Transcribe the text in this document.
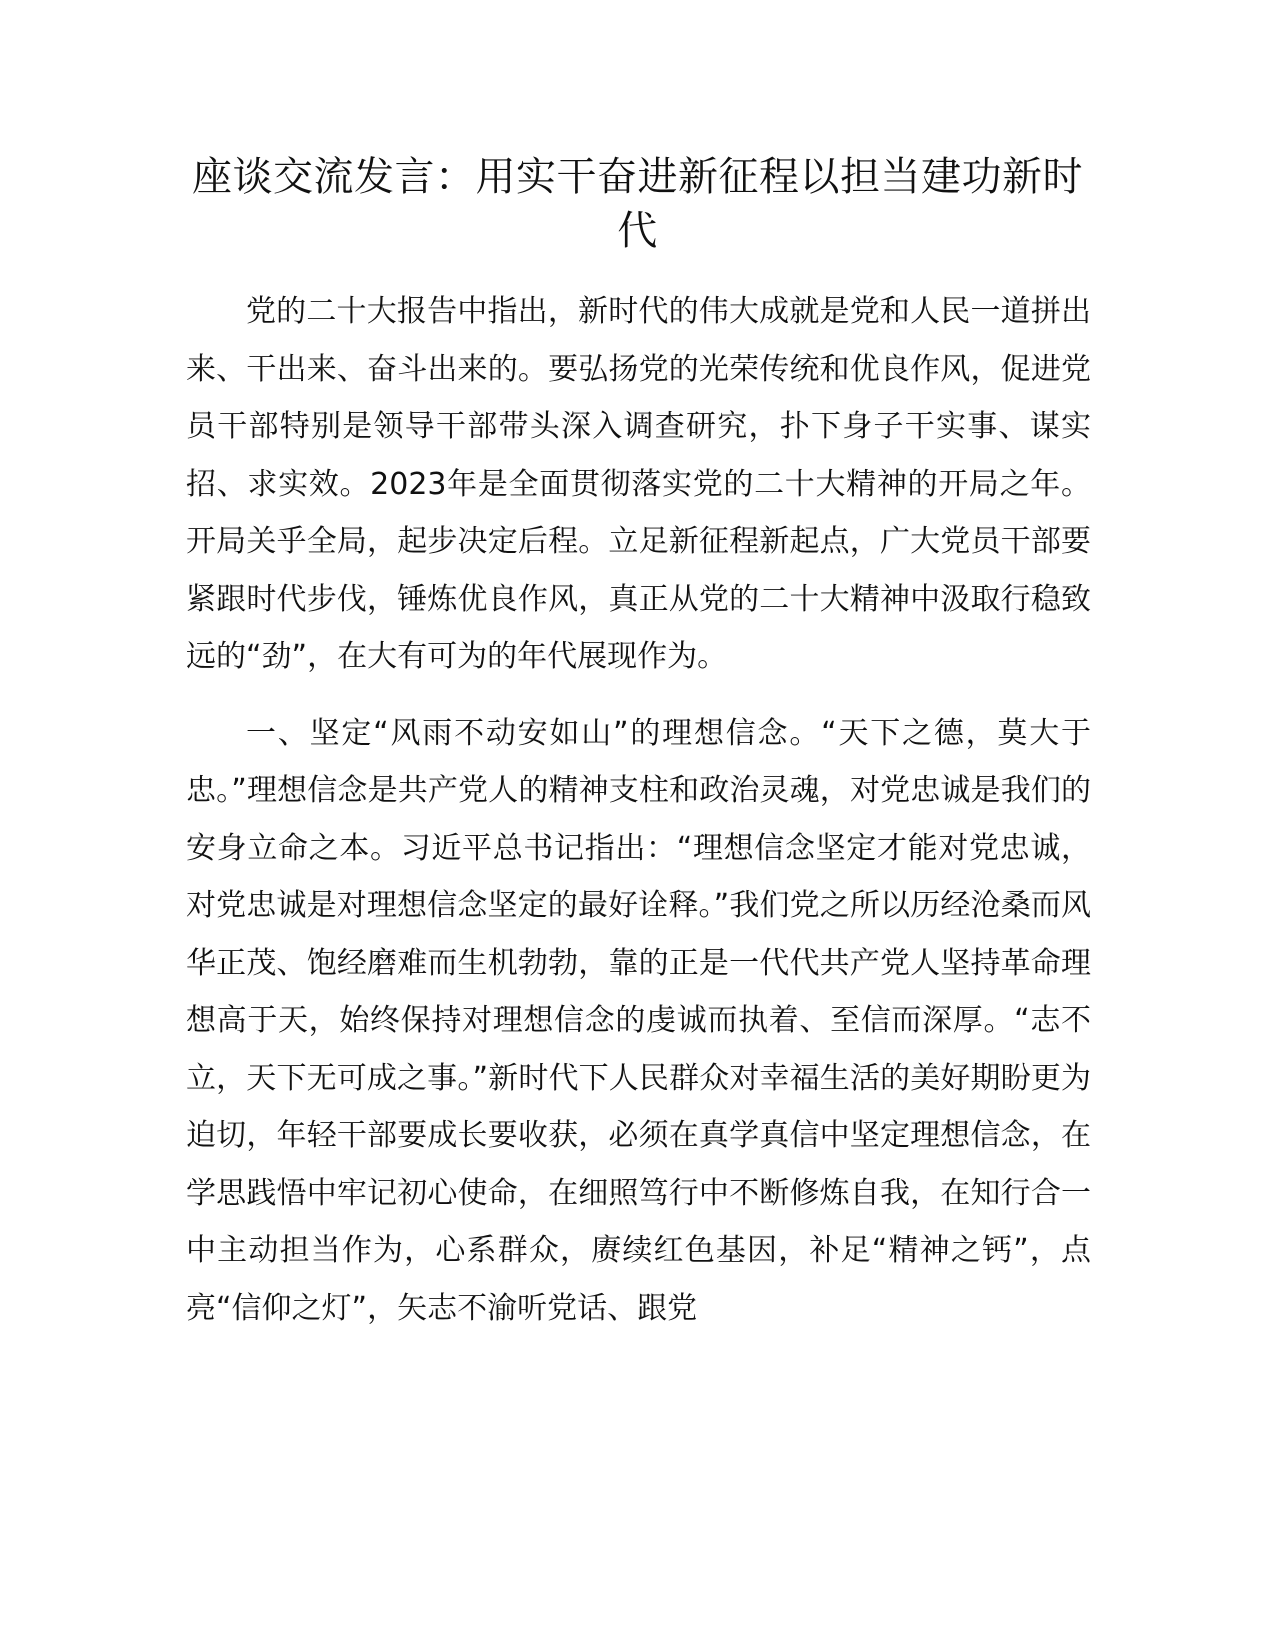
座谈交流发言：用实干奋进新征程以担当建功新时代

党的二十大报告中指出，新时代的伟大成就是党和人民一道拼出来、干出来、奋斗出来的。要弘扬党的光荣传统和优良作风，促进党员干部特别是领导干部带头深入调查研究，扑下身子干实事、谋实招、求实效。2023年是全面贯彻落实党的二十大精神的开局之年。开局关乎全局，起步决定后程。立足新征程新起点，广大党员干部要紧跟时代步伐，锤炼优良作风，真正从党的二十大精神中汲取行稳致远的“劲”，在大有可为的年代展现作为。

一、坚定“风雨不动安如山”的理想信念。“天下之德，莫大于忠。”理想信念是共产党人的精神支柱和政治灵魂，对党忠诚是我们的安身立命之本。习近平总书记指出：“理想信念坚定才能对党忠诚，对党忠诚是对理想信念坚定的最好诠释。”我们党之所以历经沧桑而风华正茂、饱经磨难而生机勃勃，靠的正是一代代共产党人坚持革命理想高于天，始终保持对理想信念的虔诚而执着、至信而深厚。“志不立，天下无可成之事。”新时代下人民群众对幸福生活的美好期盼更为迫切，年轻干部要成长要收获，必须在真学真信中坚定理想信念，在学思践悟中牢记初心使命，在细照笃行中不断修炼自我，在知行合一中主动担当作为，心系群众，赓续红色基因，补足“精神之钙”，点亮“信仰之灯”，矢志不渝听党话、跟党
